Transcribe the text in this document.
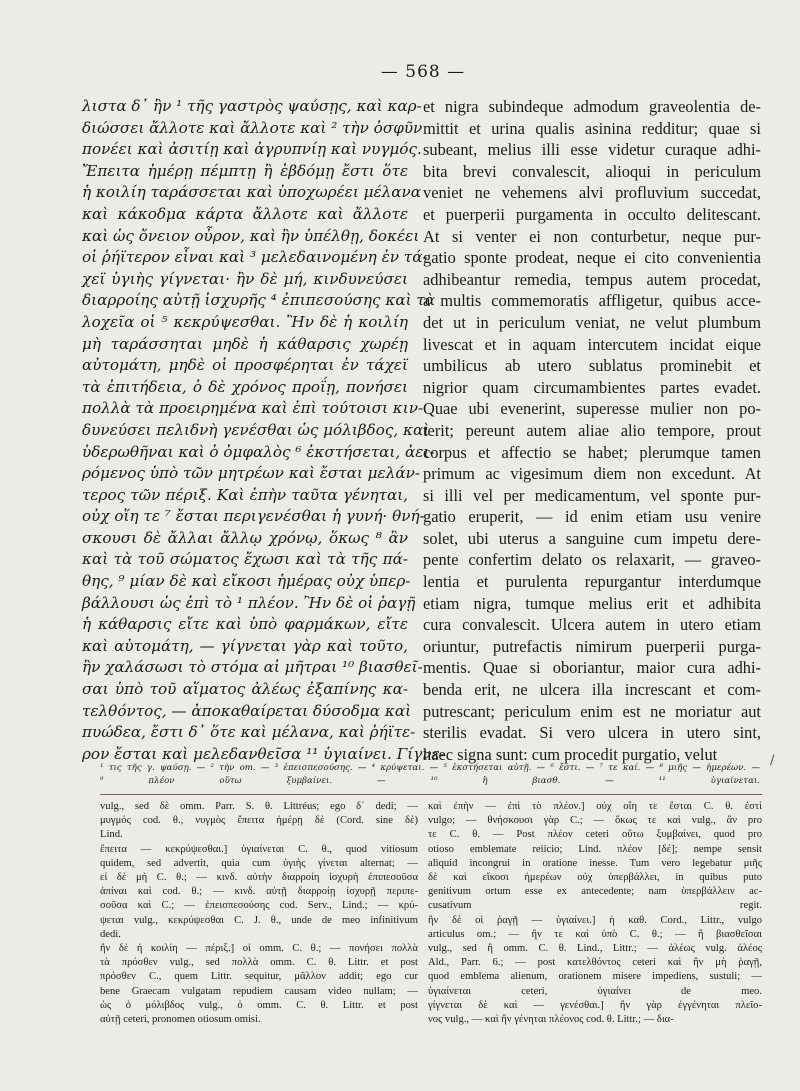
— 568 —
λιστα δ᾽ ἢν ¹ τῆς γαστρὸς ψαύσῃς, καὶ καρ-
διώσσει ἄλλοτε καὶ ἄλλοτε καὶ ² τὴν ὀσφῦν
πονέει καὶ ἀσιτίῃ καὶ ἀγρυπνίῃ καὶ νυγμός.
Ἔπειτα ἡμέρῃ πέμπτῃ ἢ ἑβδόμῃ ἔστι ὅτε
ἡ κοιλίη ταράσσεται καὶ ὑποχωρέει μέλανα
καὶ κάκοδμα κάρτα ἄλλοτε καὶ ἄλλοτε
καὶ ὡς ὄνειον οὖρον, καὶ ἢν ὑπέλθῃ, δοκέει
οἱ ῥήϊτερον εἶναι καὶ ³ μελεδαινομένη ἐν τά-
χεϊ ὑγιὴς γίγνεται· ἢν δὲ μή, κινδυνεύσει
διαρροίης αὐτῇ ἰσχυρῆς ⁴ ἐπιπεσούσης καὶ τὰ
λοχεῖα οἱ ⁵ κεκρύψεσθαι. Ἢν δὲ ἡ κοιλίη
μὴ ταράσσηται μηδὲ ἡ κάθαρσις χωρέῃ
αὐτομάτη, μηδὲ οἱ προσφέρηται ἐν τάχεϊ
τὰ ἐπιτήδεια, ὁ δὲ χρόνος προΐῃ, πονήσει
πολλὰ τὰ προειρημένα καὶ ἐπὶ τούτοισι κιν-
δυνεύσει πελιδνὴ γενέσθαι ὡς μόλιβδος, καὶ
ὑδερωθῆναι καὶ ὁ ὀμφαλὸς ⁶ ἐκστήσεται, ἀει-
ρόμενος ὑπὸ τῶν μητρέων καὶ ἔσται μελάν-
τερος τῶν πέριξ. Καὶ ἐπὴν ταῦτα γένηται,
οὐχ οἵη τε ⁷ ἔσται περιγενέσθαι ἡ γυνή· θνή-
σκουσι δὲ ἄλλαι ἄλλῳ χρόνῳ, ὅκως ⁸ ἂν
καὶ τὰ τοῦ σώματος ἔχωσι καὶ τὰ τῆς πά-
θης, ⁹ μίαν δὲ καὶ εἴκοσι ἡμέρας οὐχ ὑπερ-
βάλλουσι ὡς ἐπὶ τὸ ¹ πλέον. Ἢν δὲ οἱ ῥαγῇ
ἡ κάθαρσις εἴτε καὶ ὑπὸ φαρμάκων, εἴτε
καὶ αὐτομάτη, — γίγνεται γὰρ καὶ τοῦτο,
ἢν χαλάσωσι τὸ στόμα αἱ μῆτραι ¹⁰ βιασθεῖ-
σαι ὑπὸ τοῦ αἵματος ἀλέως ἐξαπίνης κα-
τελθόντος, — ἀποκαθαίρεται δύσοδμα καὶ
πυώδεα, ἔστι δ᾽ ὅτε καὶ μέλανα, καὶ ῥήϊτε-
ρον ἔσται καὶ μελεδανθεῖσα ¹¹ ὑγιαίνει. Γίγνε-
et nigra subindeque admodum graveolentia de-
mittit et urina qualis asinina redditur; quae si
subeant, melius illi esse videtur curaque adhi-
bita brevi convalescit, alioqui in periculum
veniet ne vehemens alvi profluvium succedat,
et puerperii purgamenta in occulto delitescant.
At si venter ei non conturbetur, neque pur-
gatio sponte prodeat, neque ei cito convenientia
adhibeantur remedia, tempus autem procedat,
a multis commemoratis affligetur, quibus acce-
det ut in periculum veniat, ne velut plumbum
livescat et in aquam intercutem incidat eique
umbilicus ab utero sublatus prominebit et
nigrior quam circumambientes partes evadet.
Quae ubi evenerint, superesse mulier non po-
terit; pereunt autem aliae alio tempore, prout
corpus et affectio se habet; plerumque tamen
primum ac vigesimum diem non excedunt. At
si illi vel per medicamentum, vel sponte pur-
gatio eruperit, — id enim etiam usu venire
solet, ubi uterus a sanguine cum impetu dere-
pente confertim delato os relaxarit, — graveo-
lentia et purulenta repurgantur interdumque
etiam nigra, tumque melius erit et adhibita
cura convalescit. Ulcera autem in utero etiam
oriuntur, putrefactis nimirum puerperii purga-
mentis. Quae si oboriantur, maior cura adhi-
benda erit, ne ulcera illa increscant et com-
putrescant; periculum enim est ne moriatur aut
sterilis evadat. Si vero ulcera in utero sint,
haec signa sunt: cum procedit purgatio, velut
¹ τις τῆς γ. ψαύσῃ. — ² τὴν om. — ³ ἐπεισπεσούσης. — ⁴ κρύψεται. — ⁵ ἐκστήσεται αὐτῇ. — ⁶ ἔστι. — ⁷ τε καί. — ⁸ μιῆς — ἡμερέων. —
⁹ πλέον οὕτω ξυμβαίνει. — ¹⁰ ἢ βιασθ. — ¹¹ ὑγιαίνεται.
vulg., sed δὲ omm. Parr. S. θ. Littréus; ego δ᾽ dedi; —
μυγμός cod. θ., νυγμὸς ἔπειτα ἡμέρῃ δὲ (Cord. sine δὲ)
Lind.
ἔπειτα — κεκρύψεσθαι.] ὑγιαίνεται C. θ., quod vitiosum
quidem, sed advertit, quia cum ὑγιὴς γίνεται alternat; —
εἰ δὲ μὴ C. θ.; — κινδ. αὐτὴν διαρροίη ἰσχυρὴ ἐπιπεσοῦσα
ἀπίναι καὶ cod. θ.; — κινδ. αὐτῇ διαρροίῃ ἰσχυρῇ περιπε-
σοῦσα καὶ C.; — ἐπεισπεσούσης cod. Serv., Lind.; — κρύ-
ψεται vulg., κεκρύψεσθαι C. J. θ., unde de meo infinitivum
dedi.
ἢν δὲ ἡ κοιλίη — πέριξ.] οἱ omm. C. θ.; — πονήσει πολλὰ
τὰ πρόσθεν vulg., sed πολλὰ omm. C. θ. Littr. et post
πρόσθεν C., quem Littr. sequitur, μᾶλλον addit; ego cur
bene Graecam vulgatam repudiem causam video nullam; —
ὡς ὁ μόλιβδος vulg., ὁ omm. C. θ. Littr. et post
αὐτῇ ceteri, pronomen otiosum omisi.
καὶ ἐπὴν — ἐπὶ τὸ πλέον.] οὐχ οἵη τε ἔσται C. θ. ἐστὶ
vulgo; — θνήσκουσι γὰρ C.; — ὅκως τε καὶ vulg., ἂν pro
τε C. θ. — Post πλέον ceteri οὕτω ξυμβαίνει, quod pro
otioso emblemate reiicio; Lind. πλέον [δέ]; nempe sensit
aliquid incongrui in oratione inesse. Tum vero legebatur μιῆς
δὲ καὶ εἴκοσι ἡμερέων οὐχ ὑπερβάλλει, in quibus puto
genitivum ortum esse ex antecedente; nam ὑπερβάλλειν ac-
cusativum regit.
ἢν δὲ οἱ ῥαγῇ — ὑγιαίνει.] ἡ καθ. Cord., Littr., vulgo
articulus om.; — ἢν τε καὶ ὑπὸ C. θ.; — ἢ βιασθεῖσαι
vulg., sed ἢ omm. C. θ. Lind., Littr.; — ἀλέως vulg. ἀλέος
Ald., Parr. 6.; — post κατελθόντος ceteri καὶ ἢν μὴ ῥαγῇ,
quod emblema alienum, orationem misere impediens, sustuli; —
ὑγιαίνεται ceteri, ὑγιαίνει de meo.
γίγνεται δὲ καὶ — γενέσθαι.] ἢν γὰρ ἐγγένηται πλεῖο-
νος vulg., — καὶ ἢν γένηται πλέονος cod. θ. Littr.; — δια-
/
